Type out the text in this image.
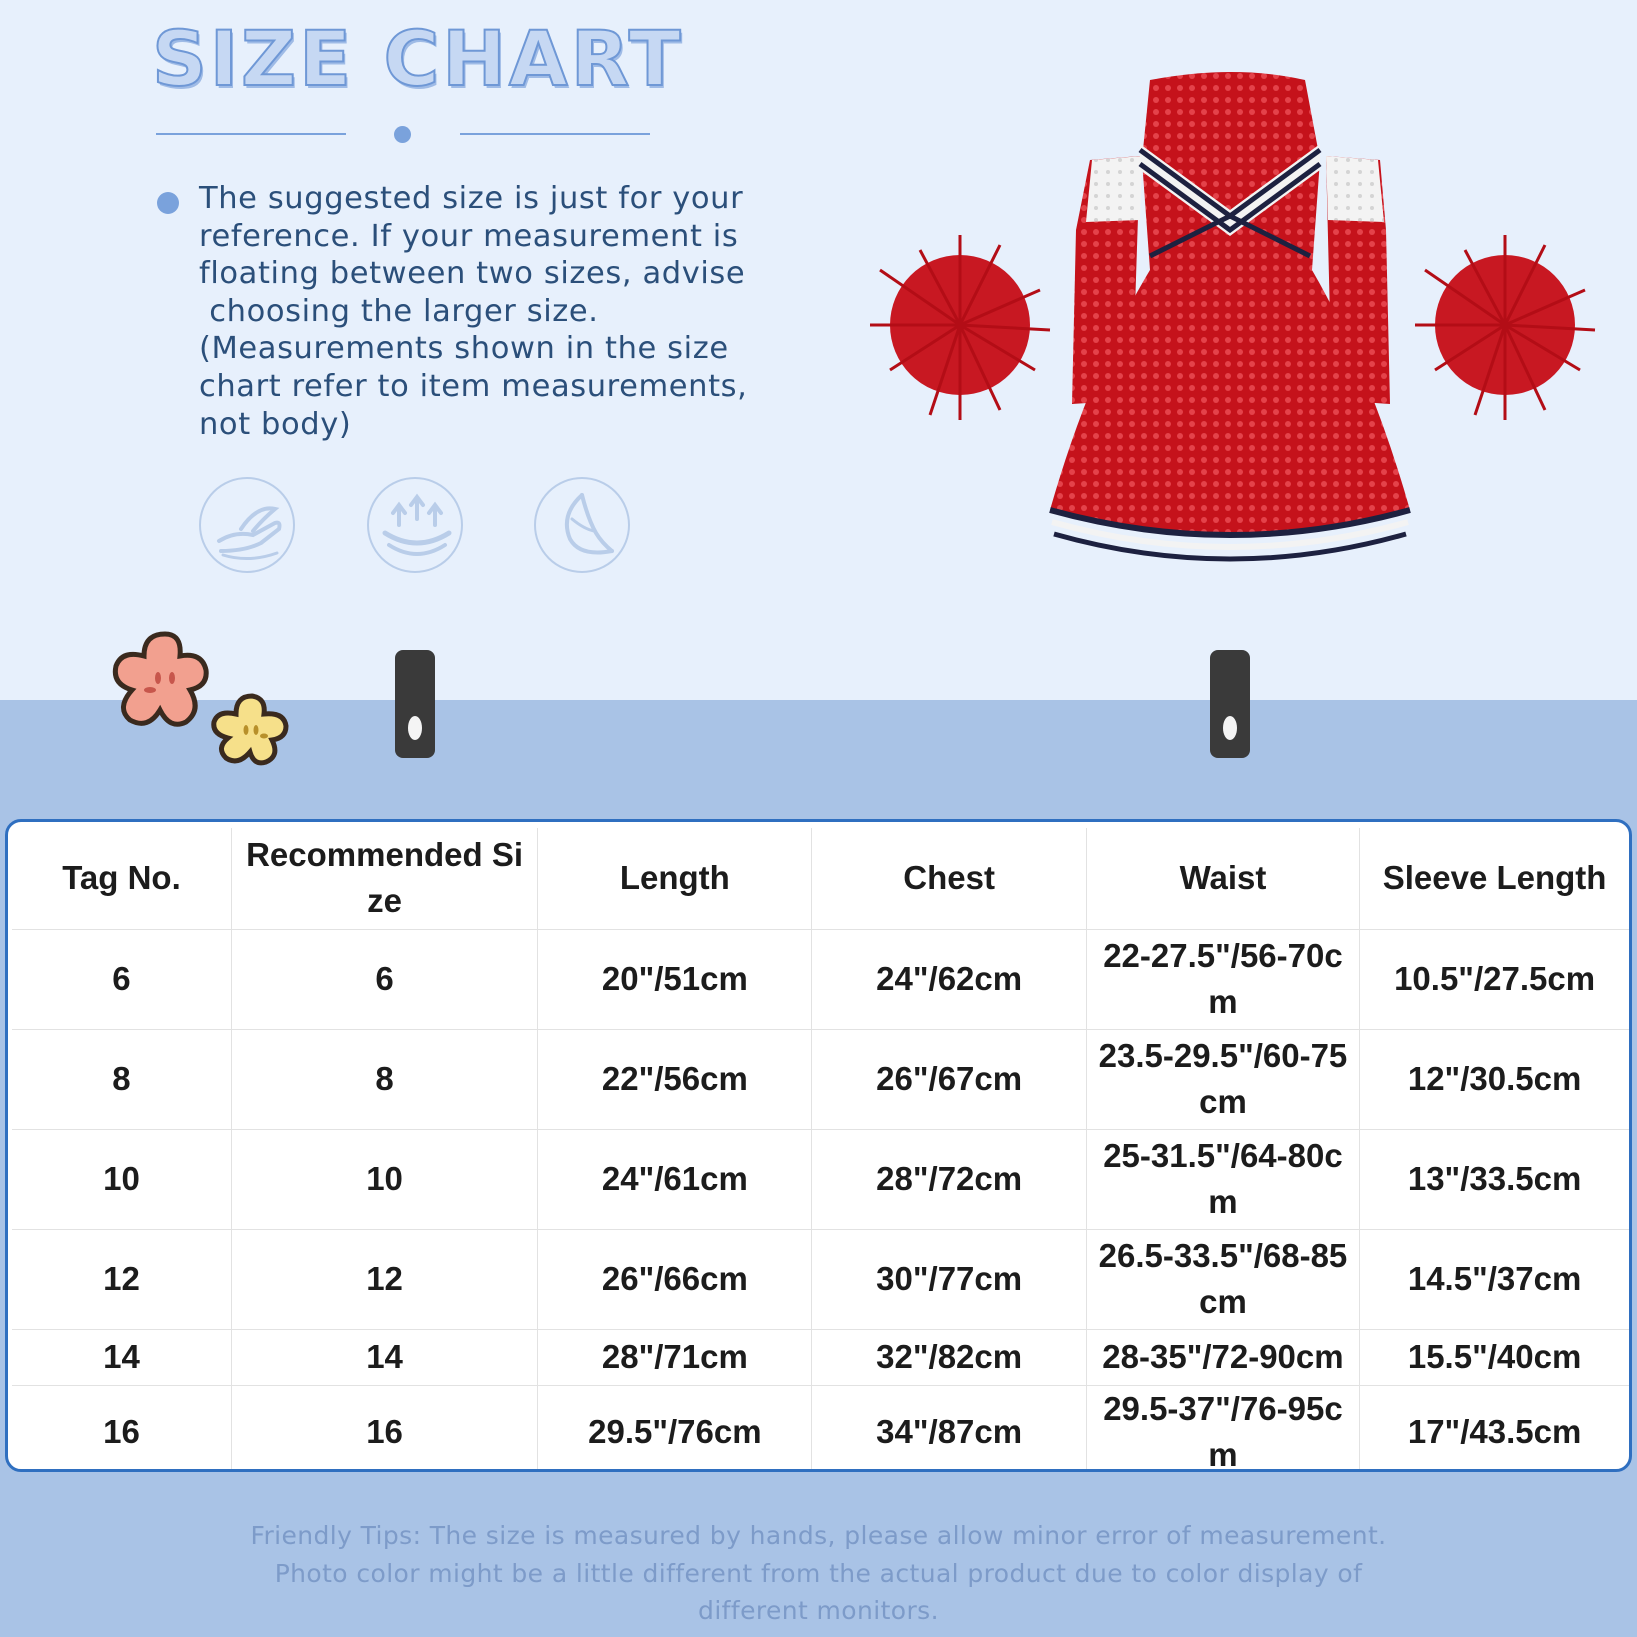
SIZE CHART
The suggested size is just for your
reference. If your measurement is
floating between two sizes, advise
choosing the larger size.
(Measurements shown in the size
chart refer to item measurements,
not body)
Tag No.	Recommended Size	Length	Chest	Waist	Sleeve Length
6	6	20"/51cm	24"/62cm	22-27.5"/56-70cm	10.5"/27.5cm
8	8	22"/56cm	26"/67cm	23.5-29.5"/60-75cm	12"/30.5cm
10	10	24"/61cm	28"/72cm	25-31.5"/64-80cm	13"/33.5cm
12	12	26"/66cm	30"/77cm	26.5-33.5"/68-85cm	14.5"/37cm
14	14	28"/71cm	32"/82cm	28-35"/72-90cm	15.5"/40cm
16	16	29.5"/76cm	34"/87cm	29.5-37"/76-95cm	17"/43.5cm
Friendly Tips: The size is measured by hands, please allow minor error of measurement.
Photo color might be a little different from the actual product due to color display of
different monitors.
